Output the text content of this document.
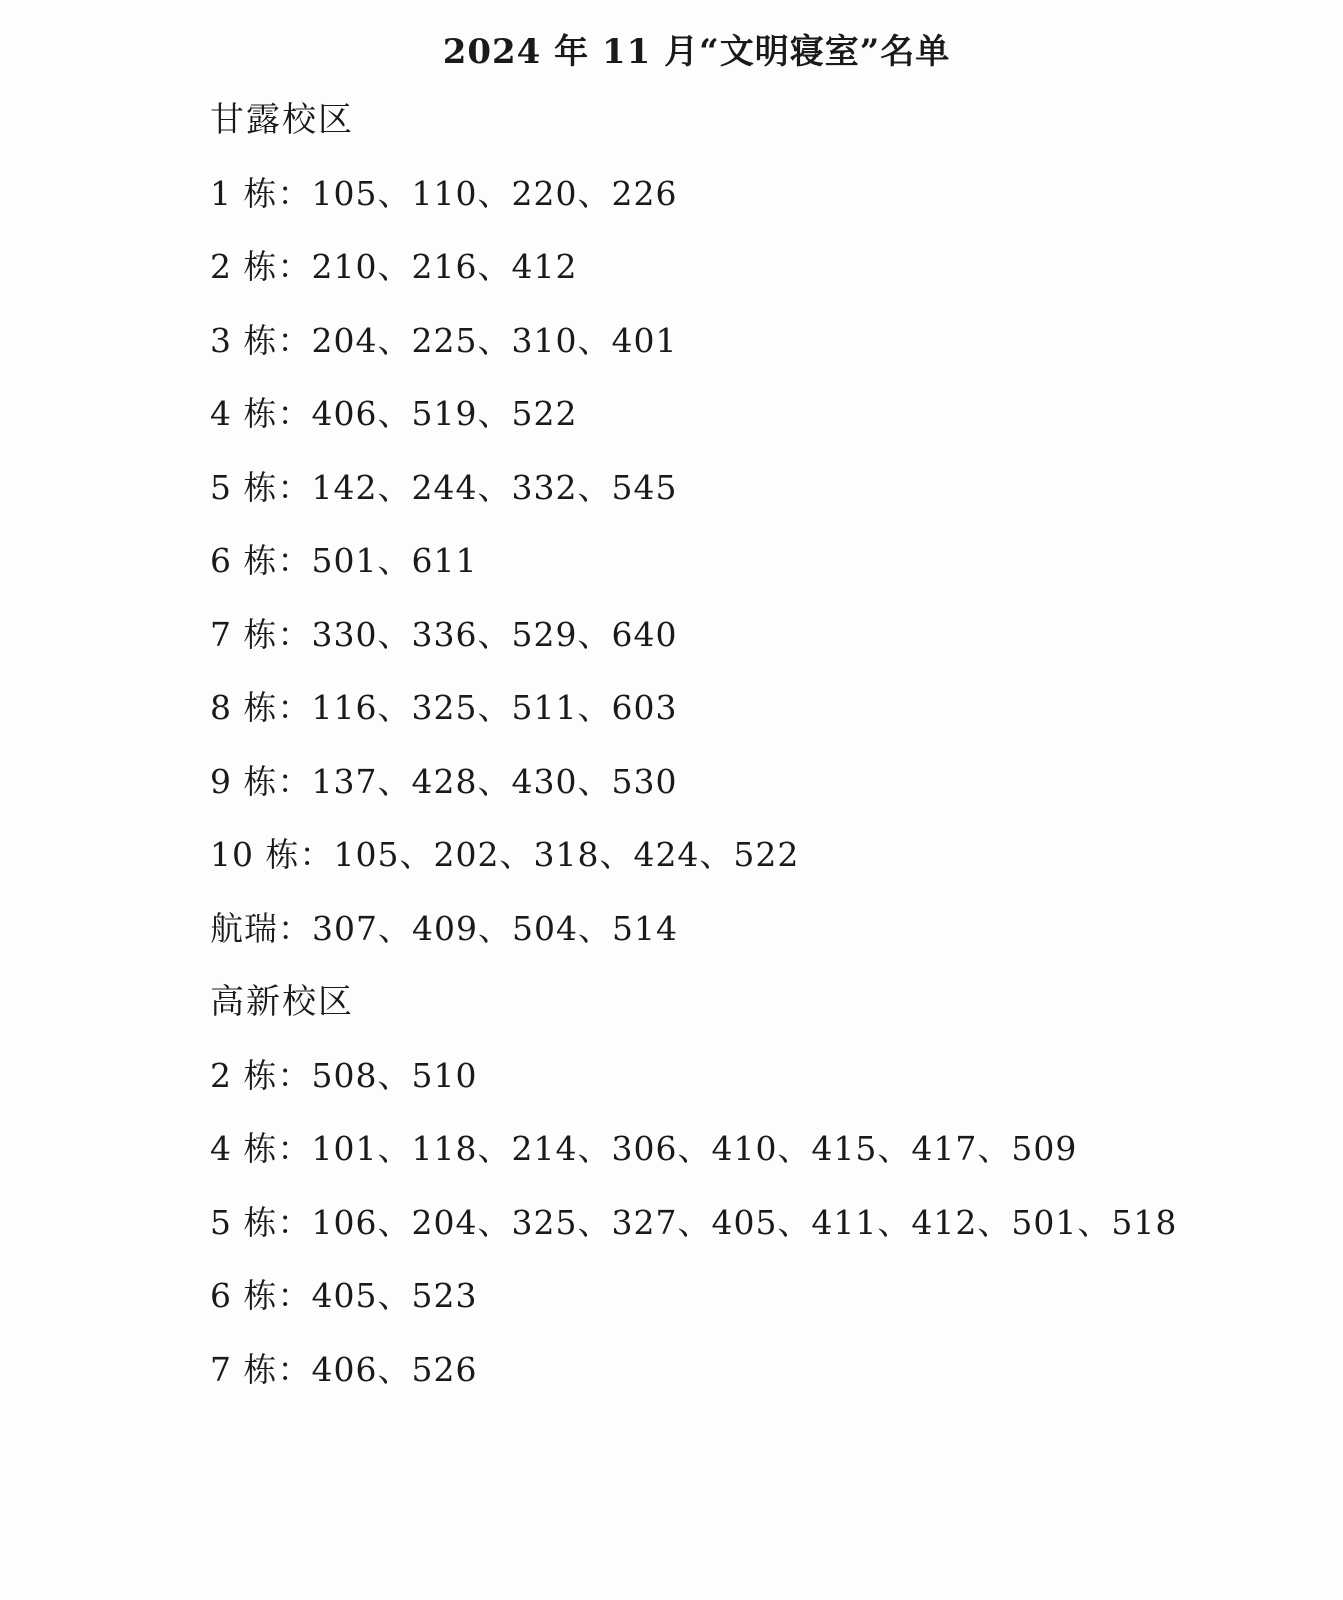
2024 年 11 月“文明寝室”名单
甘露校区
1 栋：105、110、220、226
2 栋：210、216、412
3 栋：204、225、310、401
4 栋：406、519、522
5 栋：142、244、332、545
6 栋：501、611
7 栋：330、336、529、640
8 栋：116、325、511、603
9 栋：137、428、430、530
10 栋：105、202、318、424、522
航瑞：307、409、504、514
高新校区
2 栋：508、510
4 栋：101、118、214、306、410、415、417、509
5 栋：106、204、325、327、405、411、412、501、518
6 栋：405、523
7 栋：406、526
